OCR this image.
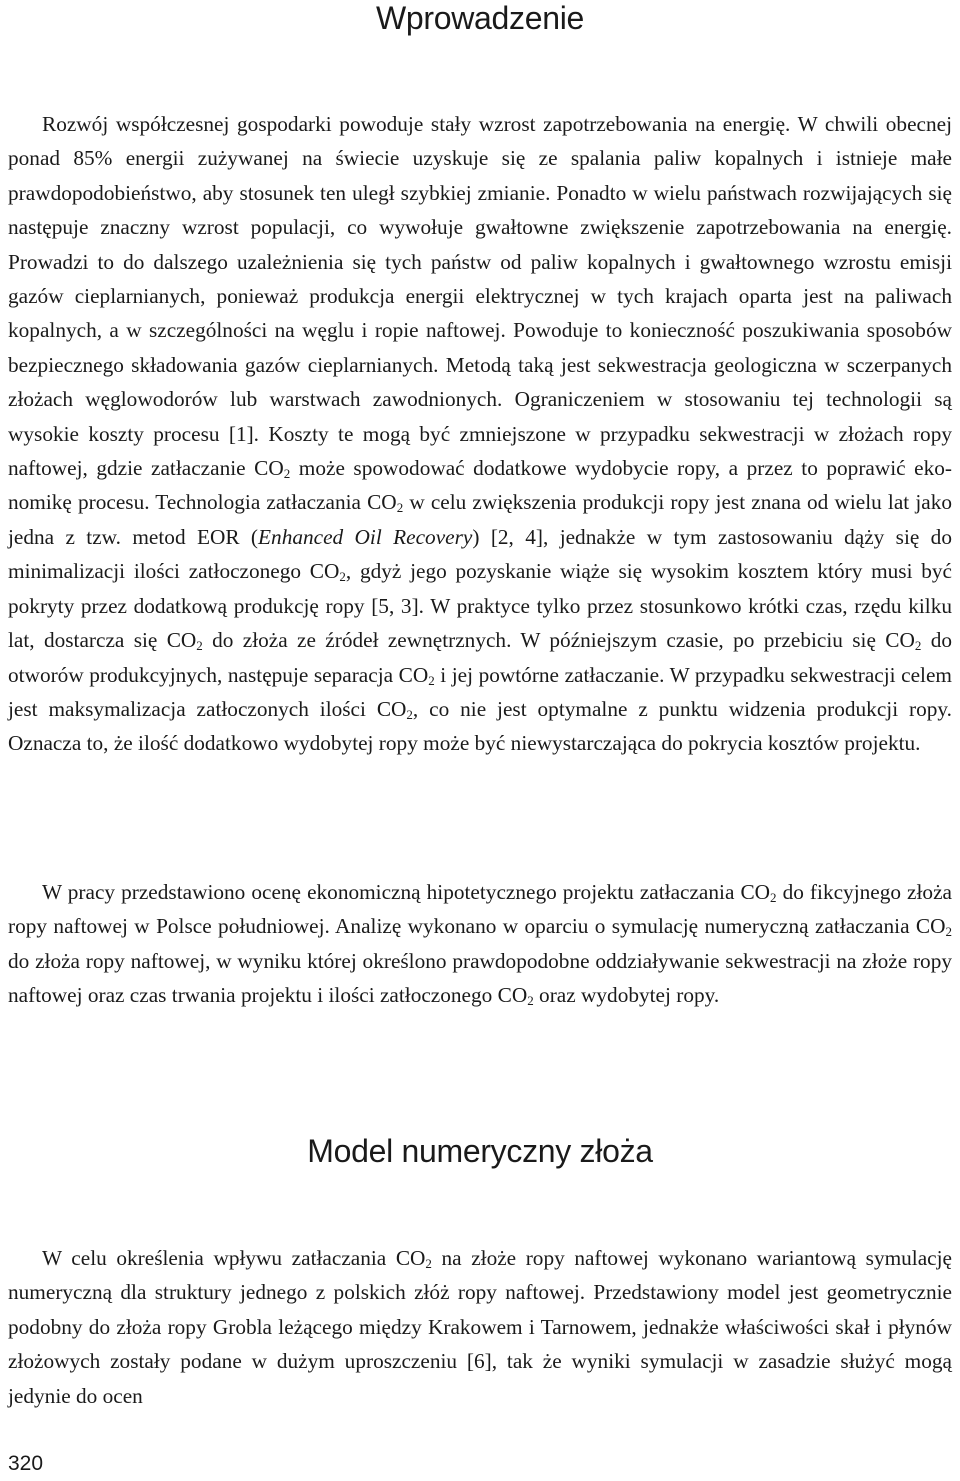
Wprowadzenie

Rozwój współczesnej gospodarki powoduje stały wzrost zapotrzebowania na energię. W chwili obecnej ponad 85% energii zużywanej na świecie uzyskuje się ze spalania paliw kopalnych i istnieje małe prawdopodobieństwo, aby stosunek ten uległ szybkiej zmianie. Ponadto w wielu państwach rozwijających się następuje znaczny wzrost populacji, co wywołuje gwałtowne zwiększenie zapotrzebowania na energię. Prowadzi to do dalszego uzależnienia się tych państw od paliw kopalnych i gwałtownego wzrostu emisji gazów cieplarnianych, ponieważ produkcja energii elektrycznej w tych krajach oparta jest na paliwach kopalnych, a w szczególności na węglu i ropie naftowej. Powoduje to konieczność poszukiwania sposobów bezpiecznego składowania gazów cieplarnianych. Metodą taką jest sekwestracja geologiczna w sczerpanych złożach węglowodorów lub warstwach zawodnionych. Ograniczeniem w stosowaniu tej technologii są wysokie koszty procesu [1]. Koszty te mogą być zmniejszone w przypadku sekwestracji w złożach ropy naftowej, gdzie zatłaczanie $CO_2$ może spowodować dodatkowe wydobycie ropy, a przez to poprawić ekonomikę procesu. Technologia zatłaczania $CO_2$ w celu zwiększenia produkcji ropy jest znana od wielu lat jako jedna z tzw. metod EOR (Enhanced Oil Recovery) [2, 4], jednakże w tym zastosowaniu dąży się do minimalizacji ilości zatłoczonego $CO_2$, gdyż jego pozyskanie wiąże się wysokim kosztem który musi być pokryty przez dodatkową produkcję ropy [5, 3]. W praktyce tylko przez stosunkowo krótki czas, rzędu kilku lat, dostarcza się $CO_2$ do złoża ze źródeł zewnętrznych. W późniejszym czasie, po przebiciu się $CO_2$ do otworów produkcyjnych, następuje separacja $CO_2$ i jej powtórne zatłaczanie. W przypadku sekwestracji celem jest maksymalizacja zatłoczonych ilości $CO_2$, co nie jest optymalne z punktu widzenia produkcji ropy. Oznacza to, że ilość dodatkowo wydobytej ropy może być niewystarczająca do pokrycia kosztów projektu.

W pracy przedstawiono ocenę ekonomiczną hipotetycznego projektu zatłaczania $CO_2$ do fikcyjnego złoża ropy naftowej w Polsce południowej. Analizę wykonano w oparciu o symulację numeryczną zatłaczania $CO_2$ do złoża ropy naftowej, w wyniku której określono prawdopodobne oddziaływanie sekwestracji na złoże ropy naftowej oraz czas trwania projektu i ilości zatłoczonego $CO_2$ oraz wydobytej ropy.

Model numeryczny złoża

W celu określenia wpływu zatłaczania $CO_2$ na złoże ropy naftowej wykonano wariantową symulację numeryczną dla struktury jednego z polskich złóż ropy naftowej. Przedstawiony model jest geometrycznie podobny do złoża ropy Grobla leżącego między Krakowem i Tarnowem, jednakże właściwości skał i płynów złożowych zostały podane w dużym uproszczeniu [6], tak że wyniki symulacji w zasadzie służyć mogą jedynie do ocen

320
